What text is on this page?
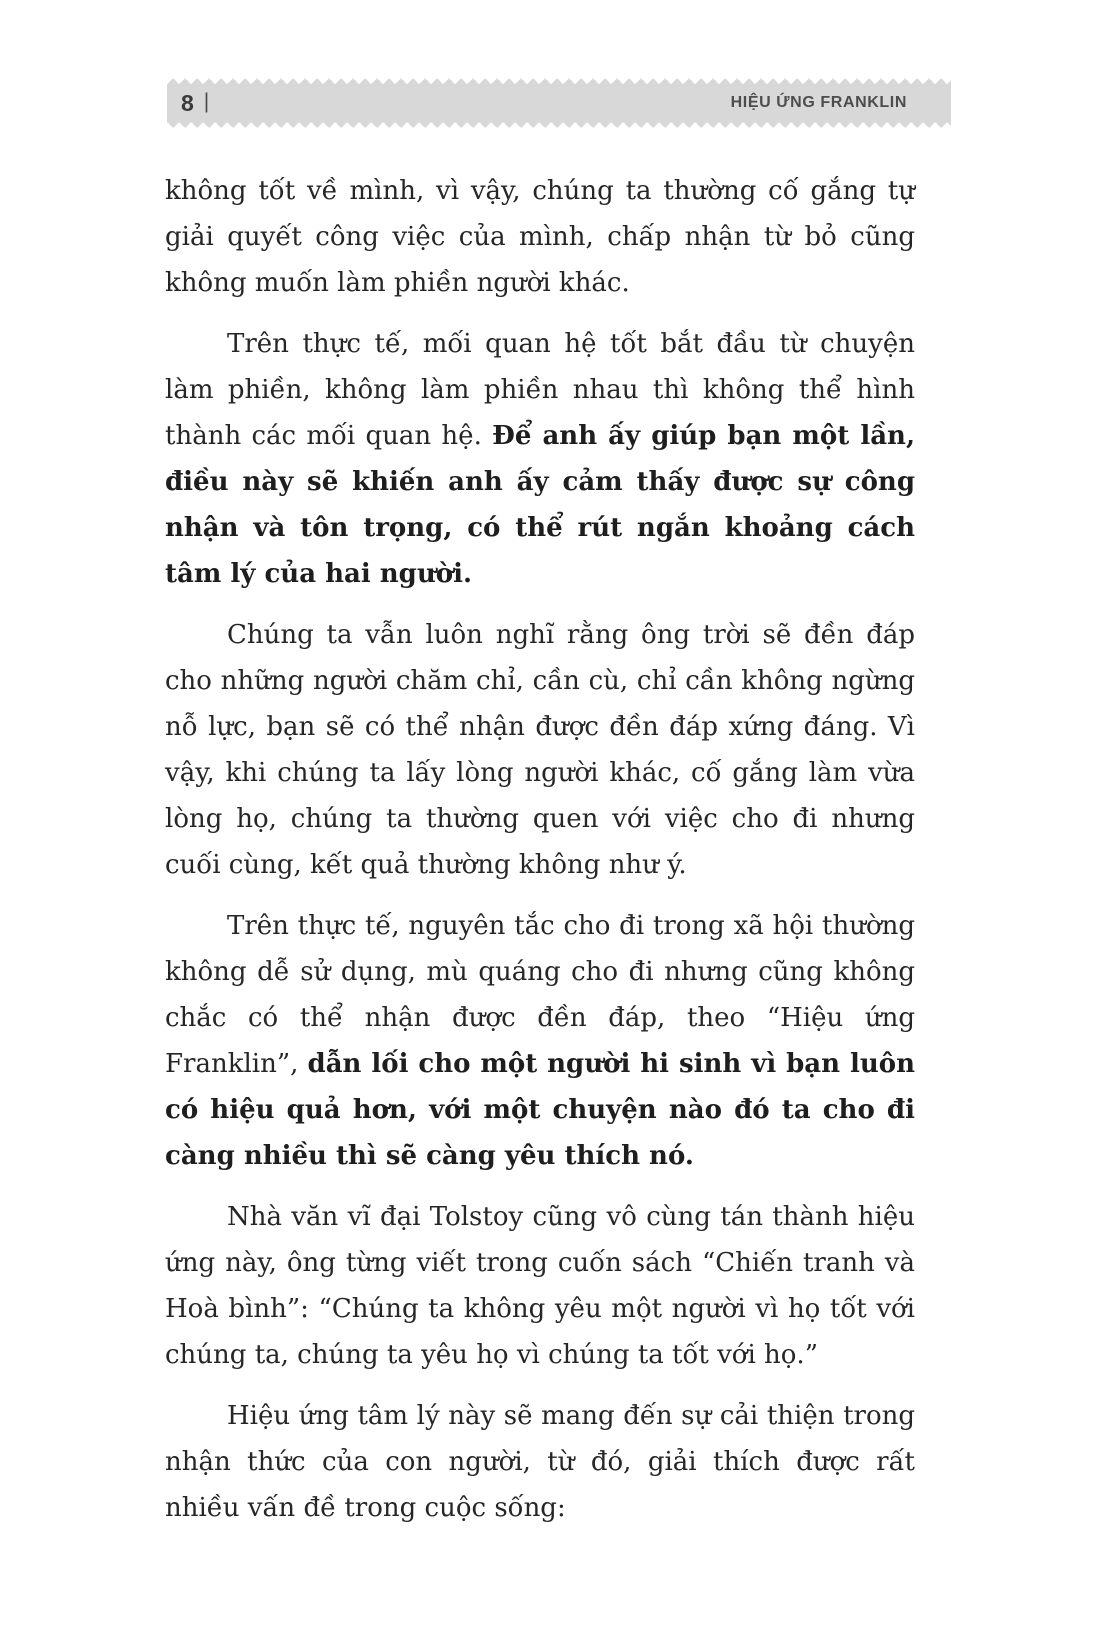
8 |	HIỆU ỨNG FRANKLIN

không tốt về mình, vì vậy, chúng ta thường cố gắng tự giải quyết công việc của mình, chấp nhận từ bỏ cũng không muốn làm phiền người khác.

Trên thực tế, mối quan hệ tốt bắt đầu từ chuyện làm phiền, không làm phiền nhau thì không thể hình thành các mối quan hệ. Để anh ấy giúp bạn một lần, điều này sẽ khiến anh ấy cảm thấy được sự công nhận và tôn trọng, có thể rút ngắn khoảng cách tâm lý của hai người.

Chúng ta vẫn luôn nghĩ rằng ông trời sẽ đền đáp cho những người chăm chỉ, cần cù, chỉ cần không ngừng nỗ lực, bạn sẽ có thể nhận được đền đáp xứng đáng. Vì vậy, khi chúng ta lấy lòng người khác, cố gắng làm vừa lòng họ, chúng ta thường quen với việc cho đi nhưng cuối cùng, kết quả thường không như ý.

Trên thực tế, nguyên tắc cho đi trong xã hội thường không dễ sử dụng, mù quáng cho đi nhưng cũng không chắc có thể nhận được đền đáp, theo “Hiệu ứng Franklin”, dẫn lối cho một người hi sinh vì bạn luôn có hiệu quả hơn, với một chuyện nào đó ta cho đi càng nhiều thì sẽ càng yêu thích nó.

Nhà văn vĩ đại Tolstoy cũng vô cùng tán thành hiệu ứng này, ông từng viết trong cuốn sách “Chiến tranh và Hoà bình”: “Chúng ta không yêu một người vì họ tốt với chúng ta, chúng ta yêu họ vì chúng ta tốt với họ.”

Hiệu ứng tâm lý này sẽ mang đến sự cải thiện trong nhận thức của con người, từ đó, giải thích được rất nhiều vấn đề trong cuộc sống:
